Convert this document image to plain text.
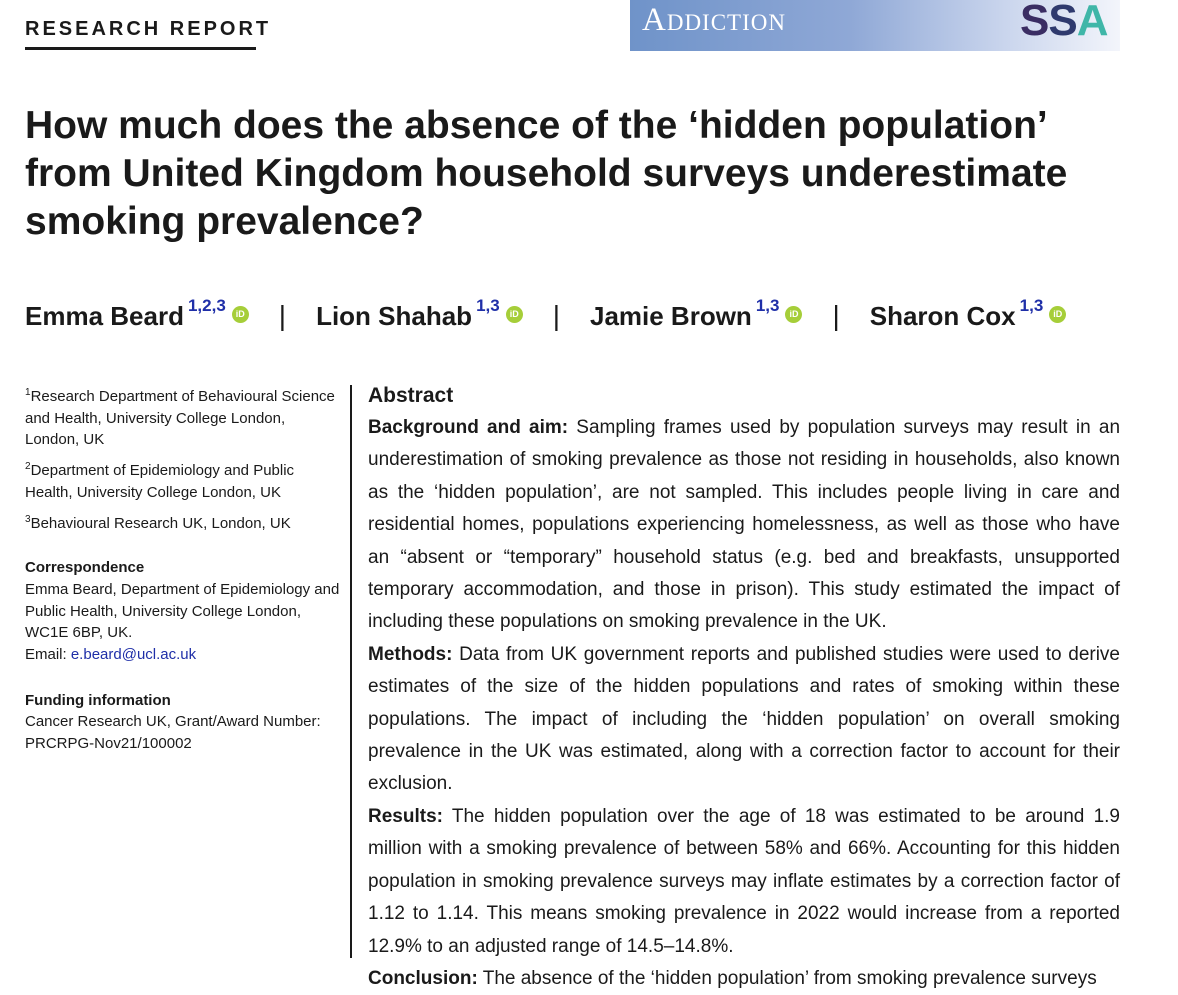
RESEARCH REPORT	Addiction	SSA
How much does the absence of the ‘hidden population’ from United Kingdom household surveys underestimate smoking prevalence?
Emma Beard 1,2,3	iD | Lion Shahab 1,3	iD | Jamie Brown 1,3	iD | Sharon Cox 1,3	iD
$^1$Research Department of Behavioural Science and Health, University College London, London, UK
$^2$Department of Epidemiology and Public Health, University College London, UK
$^3$Behavioural Research UK, London, UK
Correspondence
Emma Beard, Department of Epidemiology and Public Health, University College London, WC1E 6BP, UK.
Email: e.beard@ucl.ac.uk
Funding information
Cancer Research UK, Grant/Award Number: PRCRPG-Nov21/100002
Abstract

Background and aim: Sampling frames used by population surveys may result in an underestimation of smoking prevalence as those not residing in households, also known as the ‘hidden population’, are not sampled. This includes people living in care and residential homes, populations experiencing homelessness, as well as those who have an “absent or “temporary” household status (e.g. bed and breakfasts, unsupported temporary accommodation, and those in prison). This study estimated the impact of including these populations on smoking prevalence in the UK.

Methods: Data from UK government reports and published studies were used to derive estimates of the size of the hidden populations and rates of smoking within these populations. The impact of including the ‘hidden population’ on overall smoking prevalence in the UK was estimated, along with a correction factor to account for their exclusion.

Results: The hidden population over the age of 18 was estimated to be around 1.9 million with a smoking prevalence of between 58% and 66%. Accounting for this hidden population in smoking prevalence surveys may inflate estimates by a correction factor of 1.12 to 1.14. This means smoking prevalence in 2022 would increase from a reported 12.9% to an adjusted range of 14.5–14.8%.

Conclusion: The absence of the ‘hidden population’ from smoking prevalence surveys
